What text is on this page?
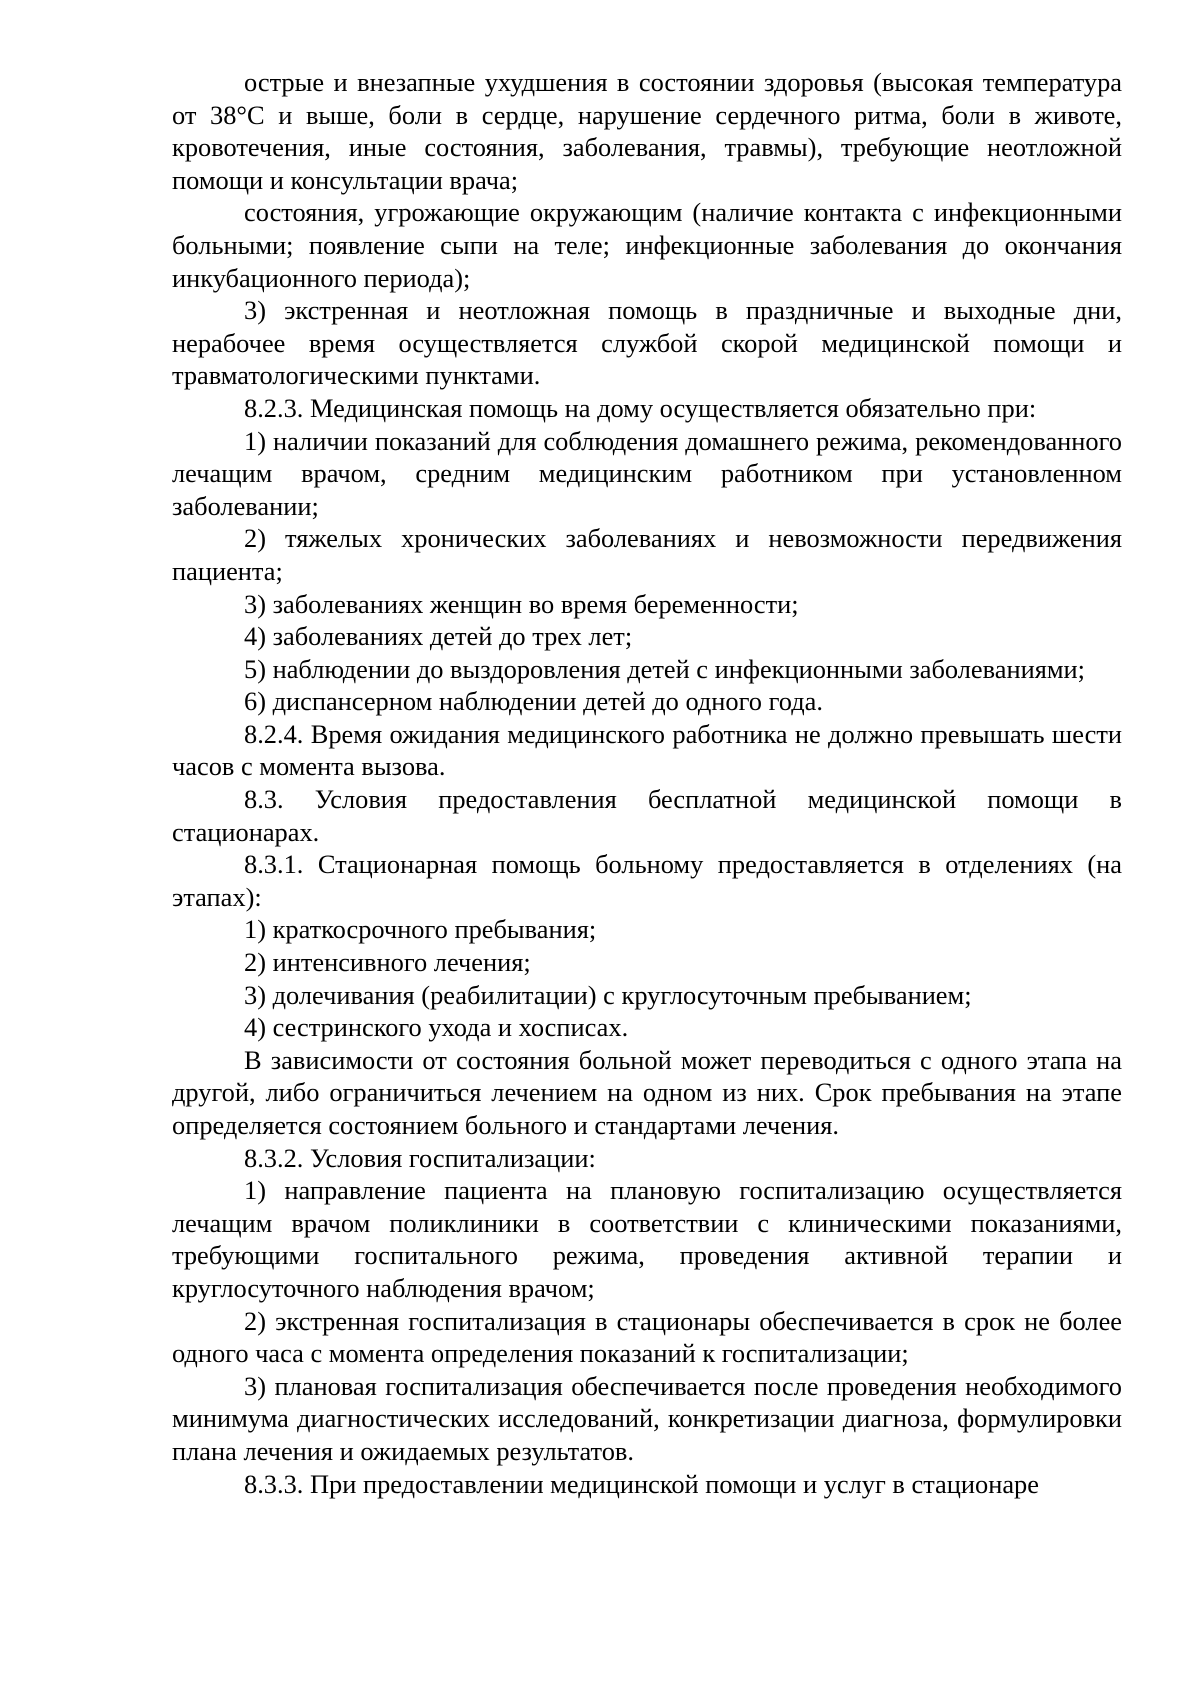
острые и внезапные ухудшения в состоянии здоровья (высокая температура от 38°С и выше, боли в сердце, нарушение сердечного ритма, боли в животе, кровотечения, иные состояния, заболевания, травмы), требующие неотложной помощи и консультации врача;

состояния, угрожающие окружающим (наличие контакта с инфекционными больными; появление сыпи на теле; инфекционные заболевания до окончания инкубационного периода);

3) экстренная и неотложная помощь в праздничные и выходные дни, нерабочее время осуществляется службой скорой медицинской помощи и травматологическими пунктами.

8.2.3. Медицинская помощь на дому осуществляется обязательно при:

1) наличии показаний для соблюдения домашнего режима, рекомендованного лечащим врачом, средним медицинским работником при установленном заболевании;

2) тяжелых хронических заболеваниях и невозможности передвижения пациента;

3) заболеваниях женщин во время беременности;

4) заболеваниях детей до трех лет;

5) наблюдении до выздоровления детей с инфекционными заболеваниями;

6) диспансерном наблюдении детей до одного года.

8.2.4. Время ожидания медицинского работника не должно превышать шести часов с момента вызова.

8.3. Условия предоставления бесплатной медицинской помощи в стационарах.

8.3.1. Стационарная помощь больному предоставляется в отделениях (на этапах):

1) краткосрочного пребывания;

2) интенсивного лечения;

3) долечивания (реабилитации) с круглосуточным пребыванием;

4) сестринского ухода и хосписах.

В зависимости от состояния больной может переводиться с одного этапа на другой, либо ограничиться лечением на одном из них. Срок пребывания на этапе определяется состоянием больного и стандартами лечения.

8.3.2. Условия госпитализации:

1) направление пациента на плановую госпитализацию осуществляется лечащим врачом поликлиники в соответствии с клиническими показаниями, требующими госпитального режима, проведения активной терапии и круглосуточного наблюдения врачом;

2) экстренная госпитализация в стационары обеспечивается в срок не более одного часа с момента определения показаний к госпитализации;

3) плановая госпитализация обеспечивается после проведения необходимого минимума диагностических исследований, конкретизации диагноза, формулировки плана лечения и ожидаемых результатов.

8.3.3. При предоставлении медицинской помощи и услуг в стационаре
